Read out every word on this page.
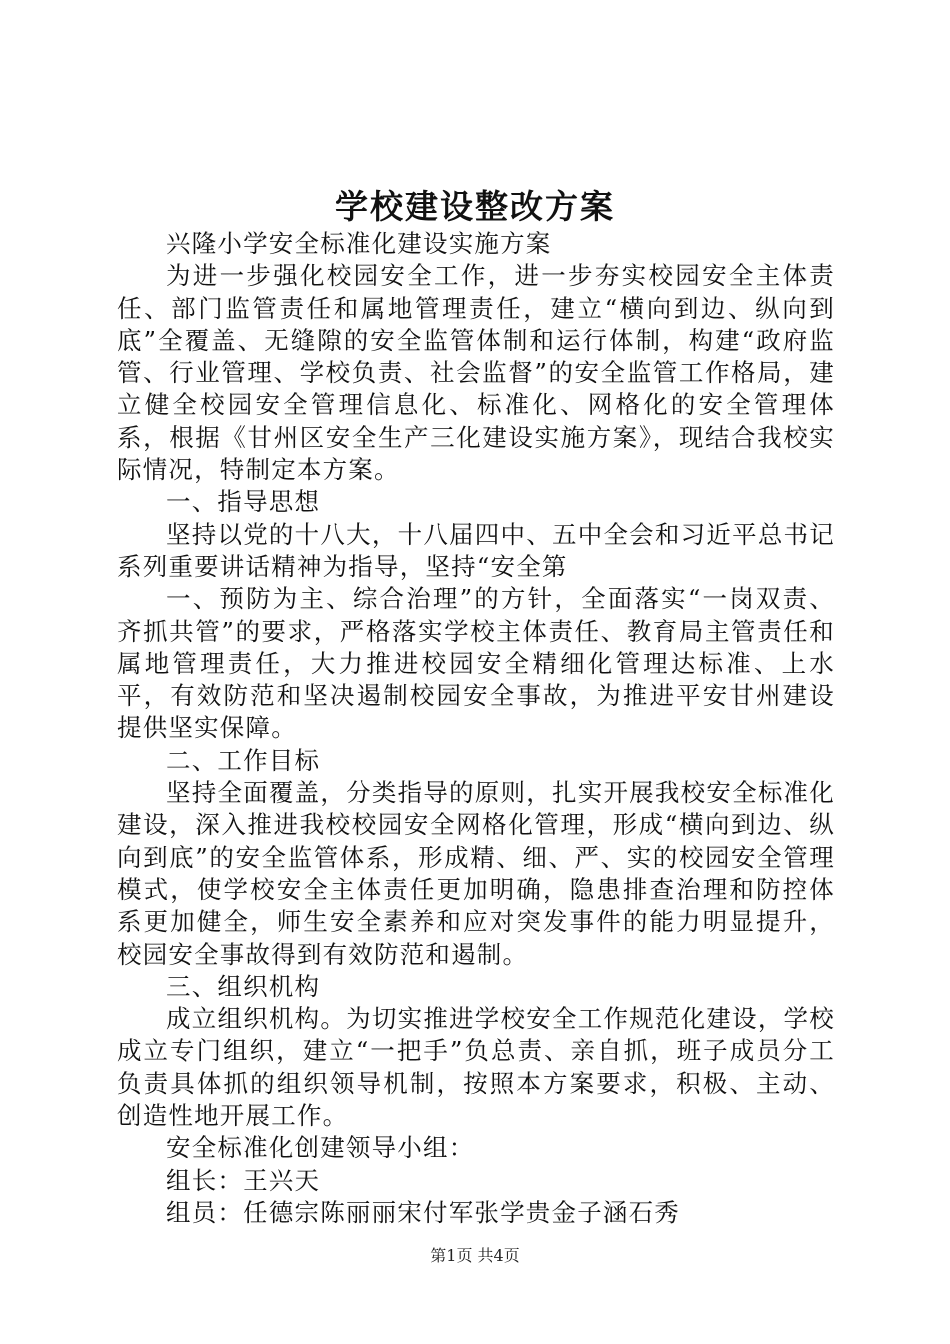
学校建设整改方案

兴隆小学安全标准化建设实施方案

为进一步强化校园安全工作，进一步夯实校园安全主体责任、部门监管责任和属地管理责任，建立“横向到边、纵向到底”全覆盖、无缝隙的安全监管体制和运行体制，构建“政府监管、行业管理、学校负责、社会监督”的安全监管工作格局，建立健全校园安全管理信息化、标准化、网格化的安全管理体系，根据《甘州区安全生产三化建设实施方案》，现结合我校实际情况，特制定本方案。

一、指导思想

坚持以党的十八大，十八届四中、五中全会和习近平总书记系列重要讲话精神为指导，坚持“安全第

一、预防为主、综合治理”的方针，全面落实“一岗双责、齐抓共管”的要求，严格落实学校主体责任、教育局主管责任和属地管理责任，大力推进校园安全精细化管理达标准、上水平，有效防范和坚决遏制校园安全事故，为推进平安甘州建设提供坚实保障。

二、工作目标

坚持全面覆盖，分类指导的原则，扎实开展我校安全标准化建设，深入推进我校校园安全网格化管理，形成“横向到边、纵向到底”的安全监管体系，形成精、细、严、实的校园安全管理模式，使学校安全主体责任更加明确，隐患排查治理和防控体系更加健全，师生安全素养和应对突发事件的能力明显提升，校园安全事故得到有效防范和遏制。

三、组织机构

成立组织机构。为切实推进学校安全工作规范化建设，学校成立专门组织，建立“一把手”负总责、亲自抓，班子成员分工负责具体抓的组织领导机制，按照本方案要求，积极、主动、创造性地开展工作。

安全标准化创建领导小组：

组长：王兴天

组员：任德宗陈丽丽宋付军张学贵金子涵石秀

第1页 共4页
